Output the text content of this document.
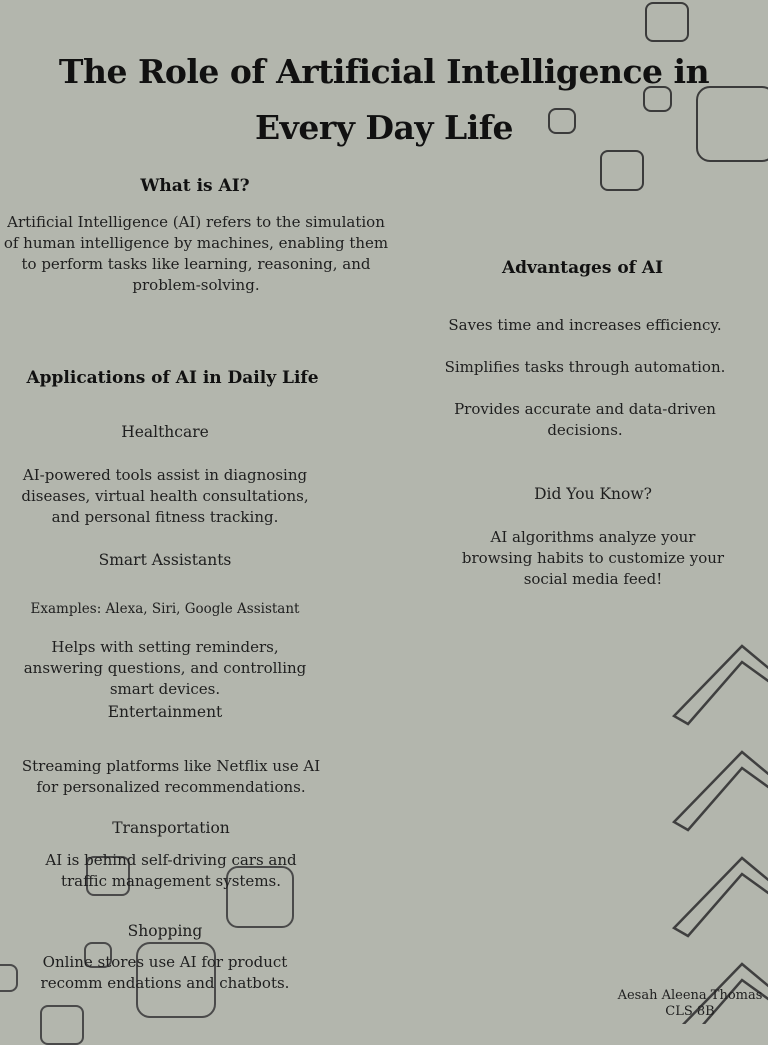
The Role of Artificial Intelligence in
Every Day Life
What is AI?
Artificial Intelligence (AI) refers to the simulation of human intelligence by machines, enabling them to perform tasks like learning, reasoning, and problem-solving.
Advantages of AI
Saves time and increases efficiency.
Simplifies tasks through automation.
Provides accurate and data-driven decisions.
Applications of AI in Daily Life
Healthcare
AI-powered tools assist in diagnosing diseases, virtual health consultations, and personal fitness tracking.
Smart Assistants
Examples: Alexa, Siri, Google Assistant
Helps with setting reminders, answering questions, and controlling smart devices.
Entertainment
Streaming platforms like Netflix use AI for personalized recommendations.
Transportation
AI is behind self-driving cars and traffic management systems.
Shopping
Online stores use AI for product recomm endations and chatbots.
Did You Know?
AI algorithms analyze your browsing habits to customize your social media feed!
Aesah Aleena Thomas
CLS 8B
